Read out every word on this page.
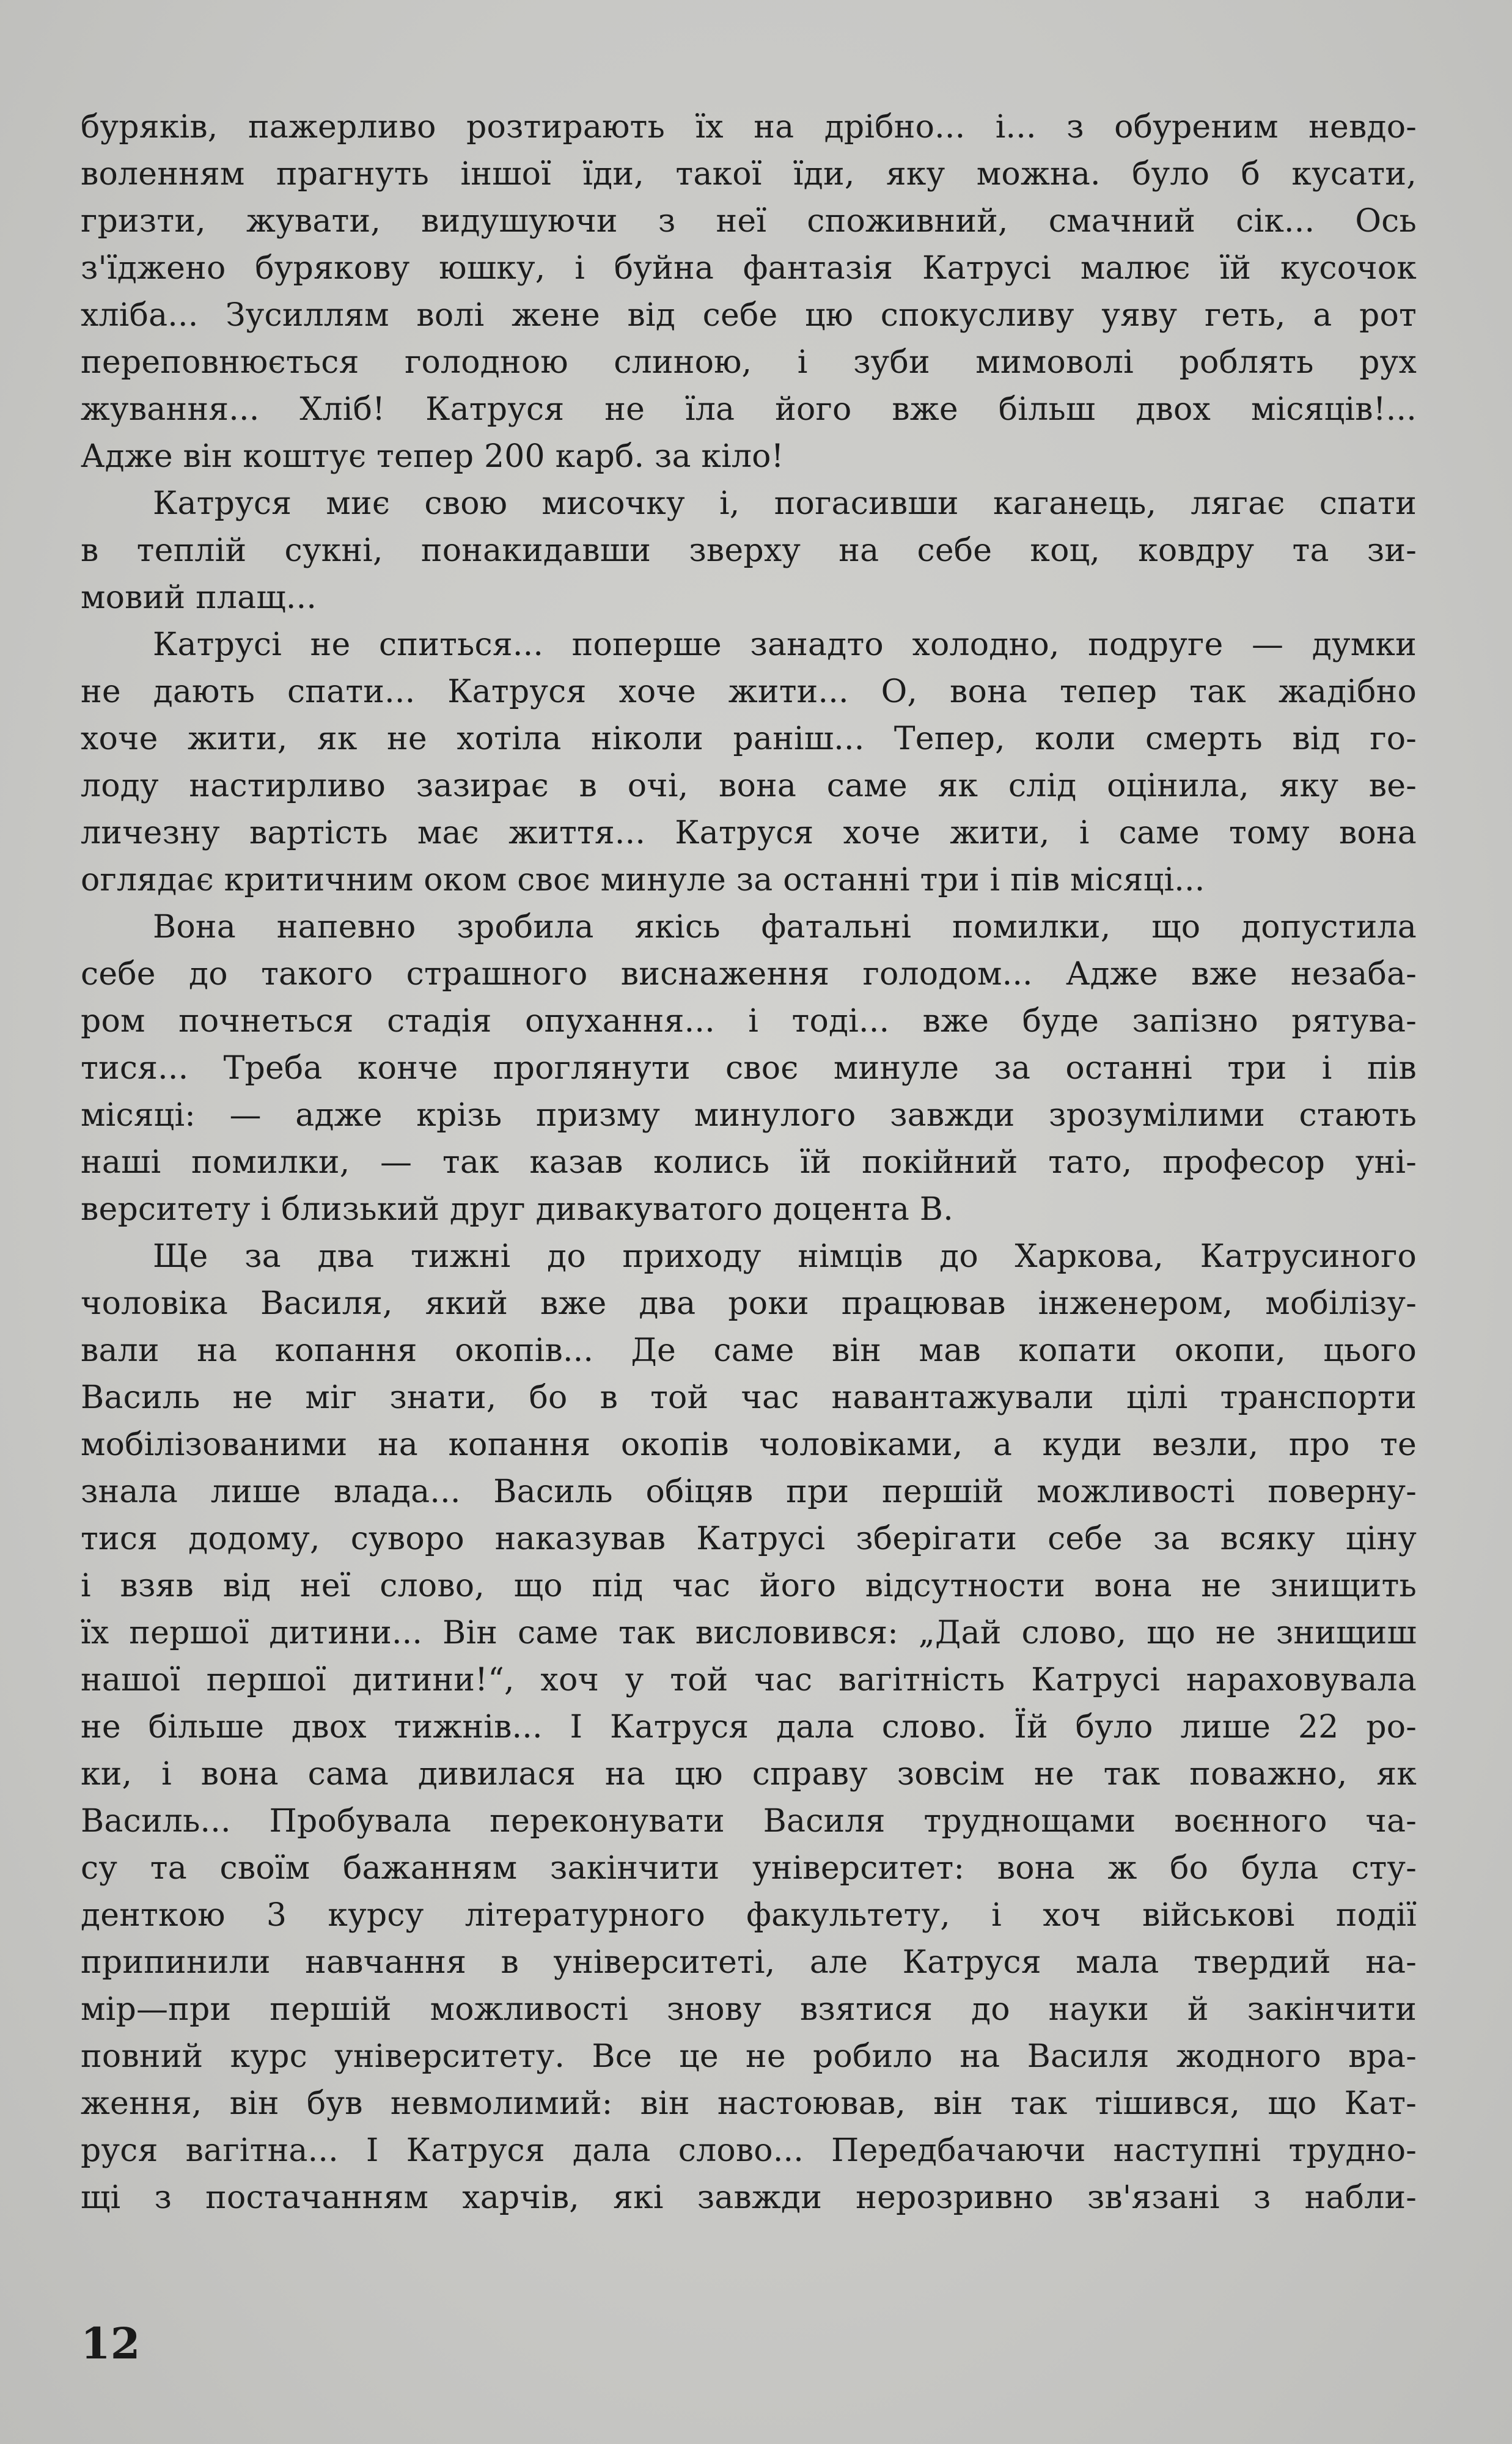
буряків, пажерливо розтирають їх на дрібно... і... з обуреним невдо-
воленням прагнуть іншої їди, такої їди, яку можна. було б кусати,
гризти, жувати, видушуючи з неї споживний, смачний сік... Ось
з'їджено бурякову юшку, і буйна фантазія Катрусі малює їй кусочок
хліба... Зусиллям волі жене від себе цю спокусливу уяву геть, а рот
переповнюється голодною слиною, і зуби мимоволі роблять рух
жування... Хліб! Катруся не їла його вже більш двох місяців!...
Адже він коштує тепер 200 карб. за кіло!
Катруся миє свою мисочку і, погасивши каганець, лягає спати
в теплій сукні, понакидавши зверху на себе коц, ковдру та зи-
мовий плащ...
Катрусі не спиться... поперше занадто холодно, подруге — думки
не дають спати... Катруся хоче жити... О, вона тепер так жадібно
хоче жити, як не хотіла ніколи раніш... Тепер, коли смерть від го-
лоду настирливо зазирає в очі, вона саме як слід оцінила, яку ве-
личезну вартість має життя... Катруся хоче жити, і саме тому вона
оглядає критичним оком своє минуле за останні три і пів місяці...
Вона напевно зробила якісь фатальні помилки, що допустила
себе до такого страшного виснаження голодом... Адже вже незаба-
ром почнеться стадія опухання... і тоді... вже буде запізно рятува-
тися... Треба конче проглянути своє минуле за останні три і пів
місяці: — адже крізь призму минулого завжди зрозумілими стають
наші помилки, — так казав колись їй покійний тато, професор уні-
верситету і близький друг дивакуватого доцента В.
Ще за два тижні до приходу німців до Харкова, Катрусиного
чоловіка Василя, який вже два роки працював інженером, мобілізу-
вали на копання окопів... Де саме він мав копати окопи, цього
Василь не міг знати, бо в той час навантажували цілі транспорти
мобілізованими на копання окопів чоловіками, а куди везли, про те
знала лише влада... Василь обіцяв при першій можливості поверну-
тися додому, суворо наказував Катрусі зберігати себе за всяку ціну
і взяв від неї слово, що під час його відсутности вона не знищить
їх першої дитини... Він саме так висловився: „Дай слово, що не знищиш
нашої першої дитини!“, хоч у той час вагітність Катрусі нараховувала
не більше двох тижнів... І Катруся дала слово. Їй було лише 22 ро-
ки, і вона сама дивилася на цю справу зовсім не так поважно, як
Василь... Пробувала переконувати Василя труднощами воєнного ча-
су та своїм бажанням закінчити університет: вона ж бо була сту-
денткою 3 курсу літературного факультету, і хоч військові події
припинили навчання в університеті, але Катруся мала твердий на-
мір—при першій можливості знову взятися до науки й закінчити
повний курс університету. Все це не робило на Василя жодного вра-
ження, він був невмолимий: він настоював, він так тішився, що Кат-
руся вагітна... І Катруся дала слово... Передбачаючи наступні трудно-
щі з постачанням харчів, які завжди нерозривно зв'язані з набли-
12
